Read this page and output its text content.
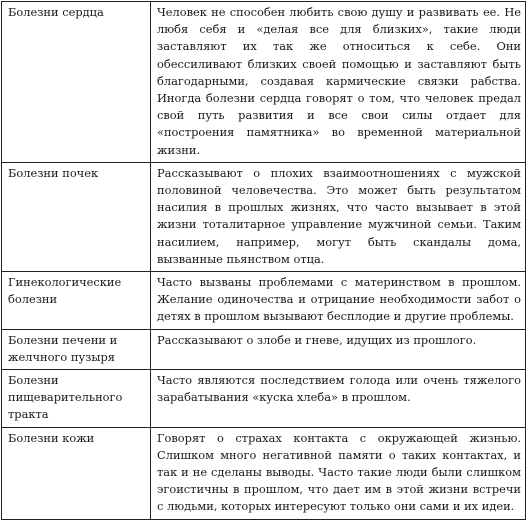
Болезни сердца	Человек не способен любить свою душу и развивать ее. Не любя себя и «делая все для близких», такие люди заставляют их так же относиться к себе. Они обессиливают близких своей помощью и заставляют быть благодарными, создавая кармические связки рабства. Иногда болезни сердца говорят о том, что человек предал свой путь развития и все свои силы отдает для «построения памятника» во временной материальной жизни.
Болезни почек	Рассказывают о плохих взаимоотношениях с мужской половиной человечества. Это может быть результатом насилия в прошлых жизнях, что часто вызывает в этой жизни тоталитарное управление мужчиной семьи. Таким насилием, например, могут быть скандалы дома, вызванные пьянством отца.
Гинекологические болезни	Часто вызваны проблемами с материнством в прошлом. Желание одиночества и отрицание необходимости забот о детях в прошлом вызывают бесплодие и другие проблемы.
Болезни печени и желчного пузыря	Рассказывают о злобе и гневе, идущих из прошлого.
Болезни пищеварительного тракта	Часто являются последствием голода или очень тяжелого зарабатывания «куска хлеба» в прошлом.
Болезни кожи	Говорят о страхах контакта с окружающей жизнью. Слишком много негативной памяти о таких контактах, и так и не сделаны выводы. Часто такие люди были слишком эгоистичны в прошлом, что дает им в этой жизни встречи с людьми, которых интересуют только они сами и их идеи.
